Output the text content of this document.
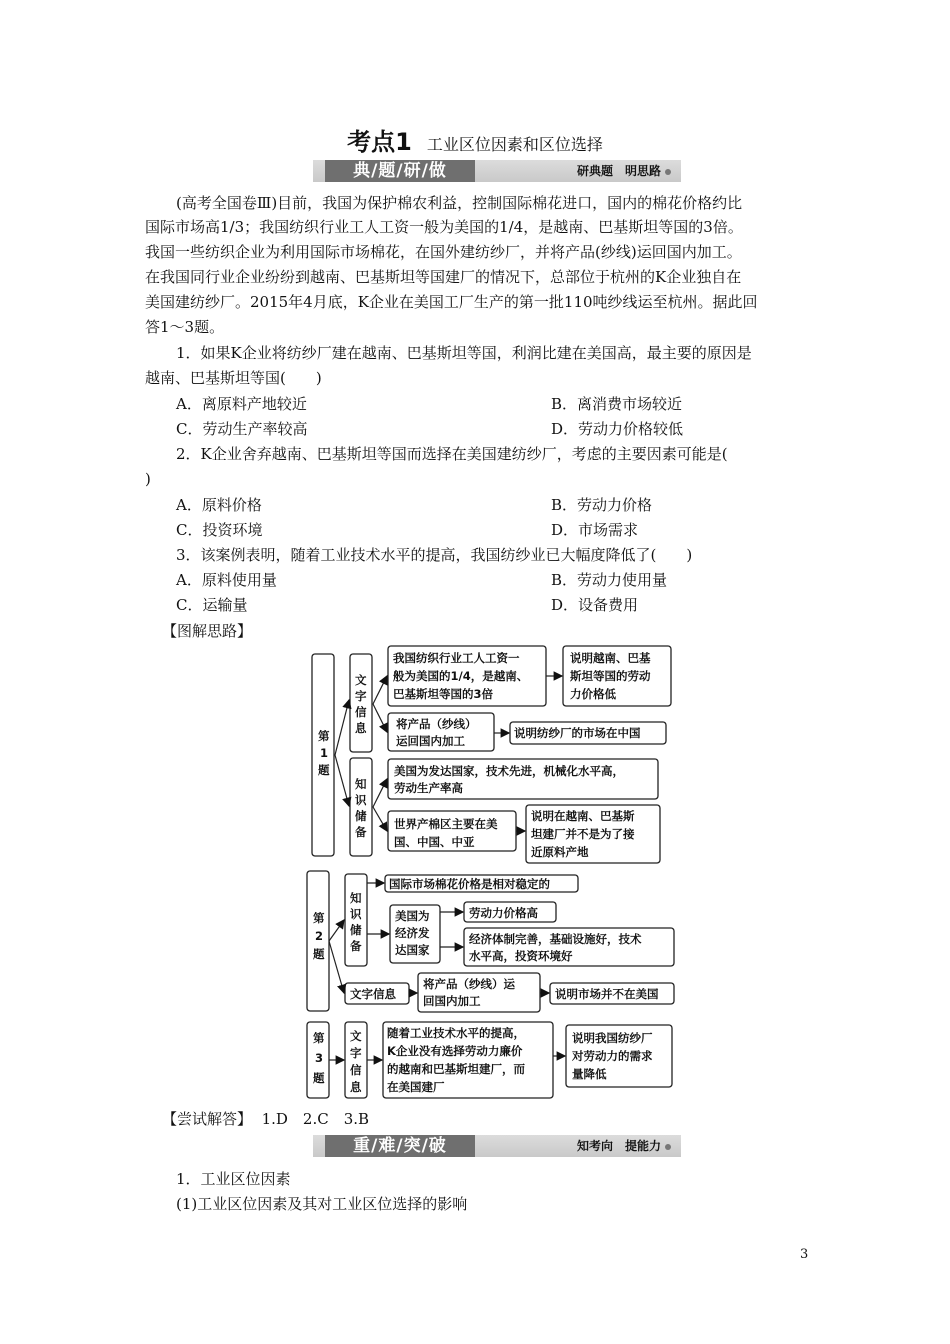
考点1 工业区位因素和区位选择
典/题/研/做	研典题　明思路

(高考全国卷Ⅲ)目前，我国为保护棉农利益，控制国际棉花进口，国内的棉花价格约比

国际市场高1/3；我国纺织行业工人工资一般为美国的1/4，是越南、巴基斯坦等国的3倍。

我国一些纺织企业为利用国际市场棉花，在国外建纺纱厂，并将产品(纱线)运回国内加工。

在我国同行业企业纷纷到越南、巴基斯坦等国建厂的情况下，总部位于杭州的K企业独自在

美国建纺纱厂。2015年4月底，K企业在美国工厂生产的第一批110吨纱线运至杭州。据此回

答1～3题。

1．如果K企业将纺纱厂建在越南、巴基斯坦等国，利润比建在美国高，最主要的原因是

越南、巴基斯坦等国(　　)

A．离原料产地较近	B．离消费市场较近
C．劳动生产率较高	D．劳动力价格较低

2．K企业舍弃越南、巴基斯坦等国而选择在美国建纺纱厂，考虑的主要因素可能是(

)

A．原料价格	B．劳动力价格
C．投资环境	D．市场需求

3．该案例表明，随着工业技术水平的提高，我国纺纱业已大幅度降低了(　　)

A．原料使用量	B．劳动力使用量
C．运输量	D．设备费用

【图解思路】

第
1
题
文
字
信
息
知
识
储
备
我国纺织行业工人工资一
般为美国的1/4，是越南、
巴基斯坦等国的3倍
说明越南、巴基
斯坦等国的劳动
力价格低
将产品（纱线）
运回国内加工
说明纺纱厂的市场在中国
美国为发达国家，技术先进，机械化水平高，
劳动生产率高
世界产棉区主要在美
国、中国、中亚
说明在越南、巴基斯
坦建厂并不是为了接
近原料产地
第
2
题
知
识
储
备
国际市场棉花价格是相对稳定的
美国为
经济发
达国家
劳动力价格高
经济体制完善，基础设施好，技术
水平高，投资环境好
文字信息
将产品（纱线）运
回国内加工	说明市场并不在美国
第
3
题
文
字
信
息
随着工业技术水平的提高，
K企业没有选择劳动力廉价
的越南和巴基斯坦建厂，而
在美国建厂
说明我国纺纱厂
对劳动力的需求
量降低

【尝试解答】 1.D　2.C　3.B

重/难/突/破	知考向　提能力

1．工业区位因素

(1)工业区位因素及其对工业区位选择的影响

3
